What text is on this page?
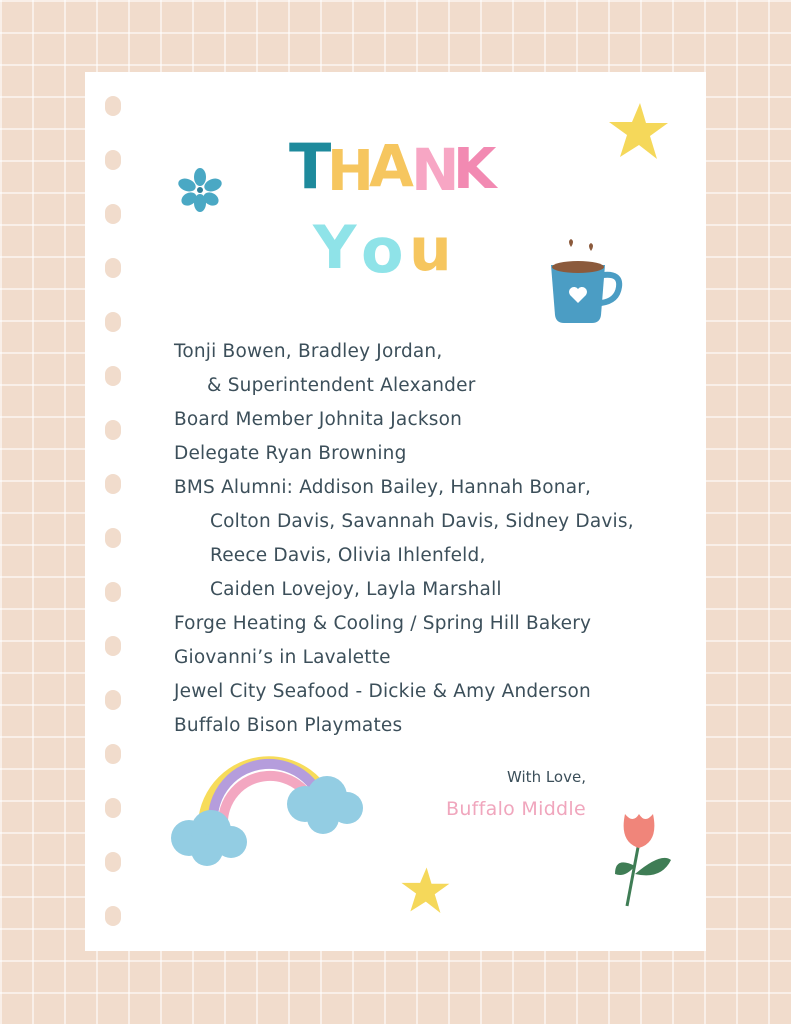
T
H
A
N
K
Y o u
Tonji Bowen, Bradley Jordan,
& Superintendent Alexander
Board Member Johnita Jackson
Delegate Ryan Browning
BMS Alumni: Addison Bailey, Hannah Bonar,
Colton Davis, Savannah Davis, Sidney Davis,
Reece Davis, Olivia Ihlenfeld,
Caiden Lovejoy, Layla Marshall
Forge Heating & Cooling / Spring Hill Bakery
Giovanni’s in Lavalette
Jewel City Seafood - Dickie & Amy Anderson
Buffalo Bison Playmates
With Love,
Buffalo Middle
